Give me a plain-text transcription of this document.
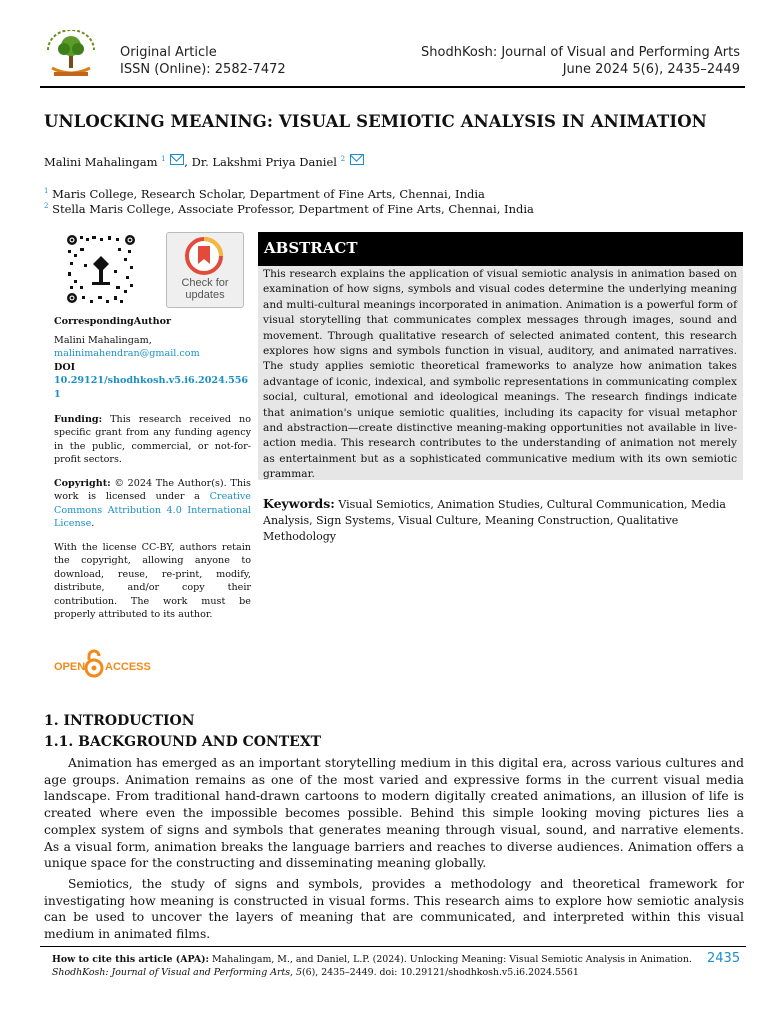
Original Article
ISSN (Online): 2582-7472
ShodhKosh: Journal of Visual and Performing Arts
June 2024 5(6), 2435–2449
UNLOCKING MEANING: VISUAL SEMIOTIC ANALYSIS IN ANIMATION
Malini Mahalingam $^1$ , Dr. Lakshmi Priya Daniel $^2$
$^1$ Maris College, Research Scholar, Department of Fine Arts, Chennai, India
$^2$ Stella Maris College, Associate Professor, Department of Fine Arts, Chennai, India
Check for
updates
CorrespondingAuthor
Malini Mahalingam,
malinimahendran@gmail.com
DOI
10.29121/shodhkosh.v5.i6.2024.556
1
Funding: This research received no specific grant from any funding agency in the public, commercial, or not-for-profit sectors.
Copyright: © 2024 The Author(s). This work is licensed under a Creative Commons Attribution 4.0 International License.
With the license CC-BY, authors retain the copyright, allowing anyone to download, reuse, re-print, modify, distribute, and/or copy their contribution. The work must be properly attributed to its author.
OPEN ACCESS
ABSTRACT
This research explains the application of visual semiotic analysis in animation based on examination of how signs, symbols and visual codes determine the underlying meaning and multi-cultural meanings incorporated in animation. Animation is a powerful form of visual storytelling that communicates complex messages through images, sound and movement. Through qualitative research of selected animated content, this research explores how signs and symbols function in visual, auditory, and animated narratives. The study applies semiotic theoretical frameworks to analyze how animation takes advantage of iconic, indexical, and symbolic representations in communicating complex social, cultural, emotional and ideological meanings. The research findings indicate that animation's unique semiotic qualities, including its capacity for visual metaphor and abstraction—create distinctive meaning-making opportunities not available in live-action media. This research contributes to the understanding of animation not merely as entertainment but as a sophisticated communicative medium with its own semiotic grammar.
Keywords: Visual Semiotics, Animation Studies, Cultural Communication, Media Analysis, Sign Systems, Visual Culture, Meaning Construction, Qualitative Methodology
1. INTRODUCTION
1.1. BACKGROUND AND CONTEXT

Animation has emerged as an important storytelling medium in this digital era, across various cultures and age groups. Animation remains as one of the most varied and expressive forms in the current visual media landscape. From traditional hand-drawn cartoons to modern digitally created animations, an illusion of life is created where even the impossible becomes possible. Behind this simple looking moving pictures lies a complex system of signs and symbols that generates meaning through visual, sound, and narrative elements. As a visual form, animation breaks the language barriers and reaches to diverse audiences. Animation offers a unique space for the constructing and disseminating meaning globally.

Semiotics, the study of signs and symbols, provides a methodology and theoretical framework for investigating how meaning is constructed in visual forms. This research aims to explore how semiotic analysis can be used to uncover the layers of meaning that are communicated, and interpreted within this visual medium in animated films.

How to cite this article (APA): Mahalingam, M., and Daniel, L.P. (2024). Unlocking Meaning: Visual Semiotic Analysis in Animation.
ShodhKosh: Journal of Visual and Performing Arts, 5(6), 2435–2449. doi: 10.29121/shodhkosh.v5.i6.2024.5561
2435
